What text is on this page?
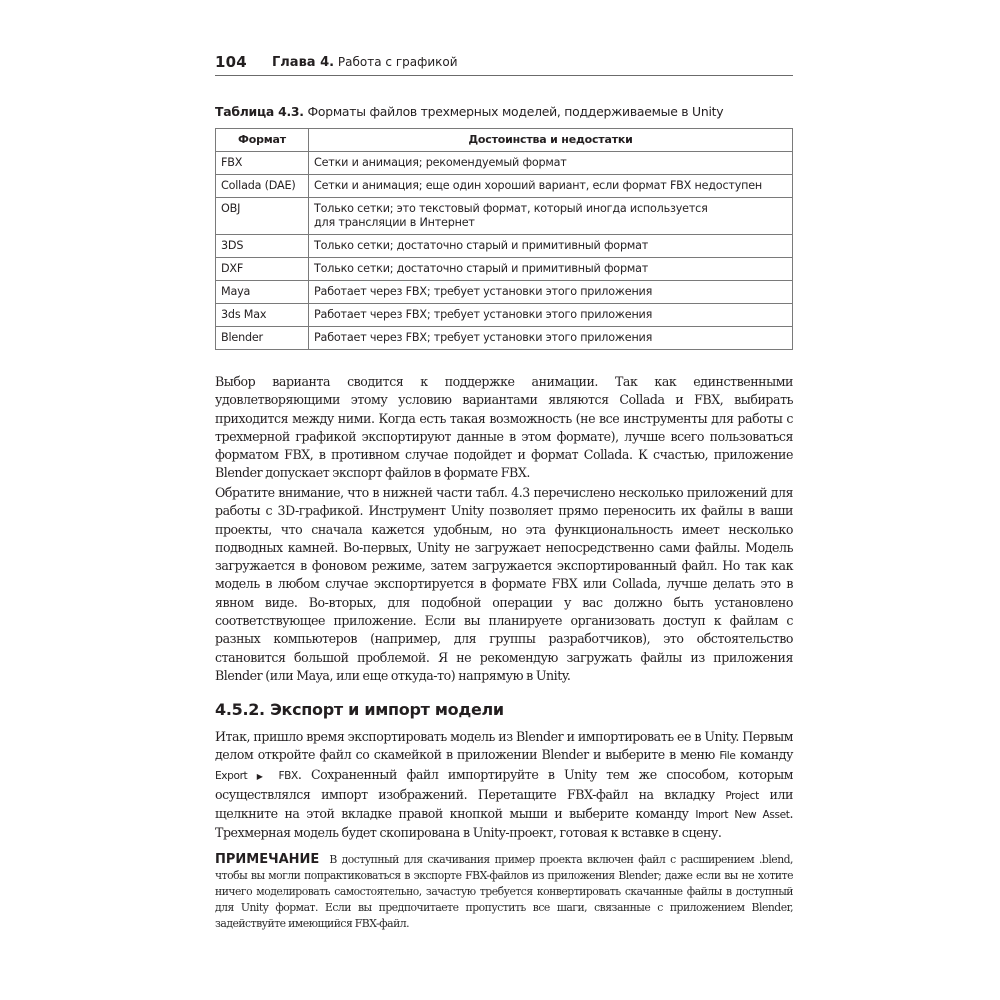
104 Глава 4. Работа с графикой
Таблица 4.3. Форматы файлов трехмерных моделей, поддерживаемые в Unity
Формат	Достоинства и недостатки
FBX	Сетки и анимация; рекомендуемый формат
Collada (DAE)	Сетки и анимация; еще один хороший вариант, если формат FBX недоступен
OBJ	Только сетки; это текстовый формат, который иногда используется для трансляции в Интернет
3DS	Только сетки; достаточно старый и примитивный формат
DXF	Только сетки; достаточно старый и примитивный формат
Maya	Работает через FBX; требует установки этого приложения
3ds Max	Работает через FBX; требует установки этого приложения
Blender	Работает через FBX; требует установки этого приложения

Выбор варианта сводится к поддержке анимации. Так как единственными удовлетворяющими этому условию вариантами являются Collada и FBX, выбирать приходится между ними. Когда есть такая возможность (не все инструменты для работы с трехмерной графикой экспортируют данные в этом формате), лучше всего пользоваться форматом FBX, в противном случае подойдет и формат Collada. К счастью, приложение Blender допускает экспорт файлов в формате FBX.

Обратите внимание, что в нижней части табл. 4.3 перечислено несколько приложений для работы с 3D-графикой. Инструмент Unity позволяет прямо переносить их файлы в ваши проекты, что сначала кажется удобным, но эта функциональность имеет несколько подводных камней. Во-первых, Unity не загружает непосредственно сами файлы. Модель загружается в фоновом режиме, затем загружается экспортированный файл. Но так как модель в любом случае экспортируется в формате FBX или Collada, лучше делать это в явном виде. Во-вторых, для подобной операции у вас должно быть установлено соответствующее приложение. Если вы планируете организовать доступ к файлам с разных компьютеров (например, для группы разработчиков), это обстоятельство становится большой проблемой. Я не рекомендую загружать файлы из приложения Blender (или Maya, или еще откуда-то) напрямую в Unity.

4.5.2. Экспорт и импорт модели

Итак, пришло время экспортировать модель из Blender и импортировать ее в Unity. Первым делом откройте файл со скамейкой в приложении Blender и выберите в меню File команду Export ▶ FBX. Сохраненный файл импортируйте в Unity тем же способом, которым осуществлялся импорт изображений. Перетащите FBX-файл на вкладку Project или щелкните на этой вкладке правой кнопкой мыши и выберите команду Import New Asset. Трехмерная модель будет скопирована в Unity-проект, готовая к вставке в сцену.

ПРИМЕЧАНИЕ В доступный для скачивания пример проекта включен файл с расширением .blend, чтобы вы могли попрактиковаться в экспорте FBX-файлов из приложения Blender; даже если вы не хотите ничего моделировать самостоятельно, зачастую требуется конвертировать скачанные файлы в доступный для Unity формат. Если вы предпочитаете пропустить все шаги, связанные с приложением Blender, задействуйте имеющийся FBX-файл.
